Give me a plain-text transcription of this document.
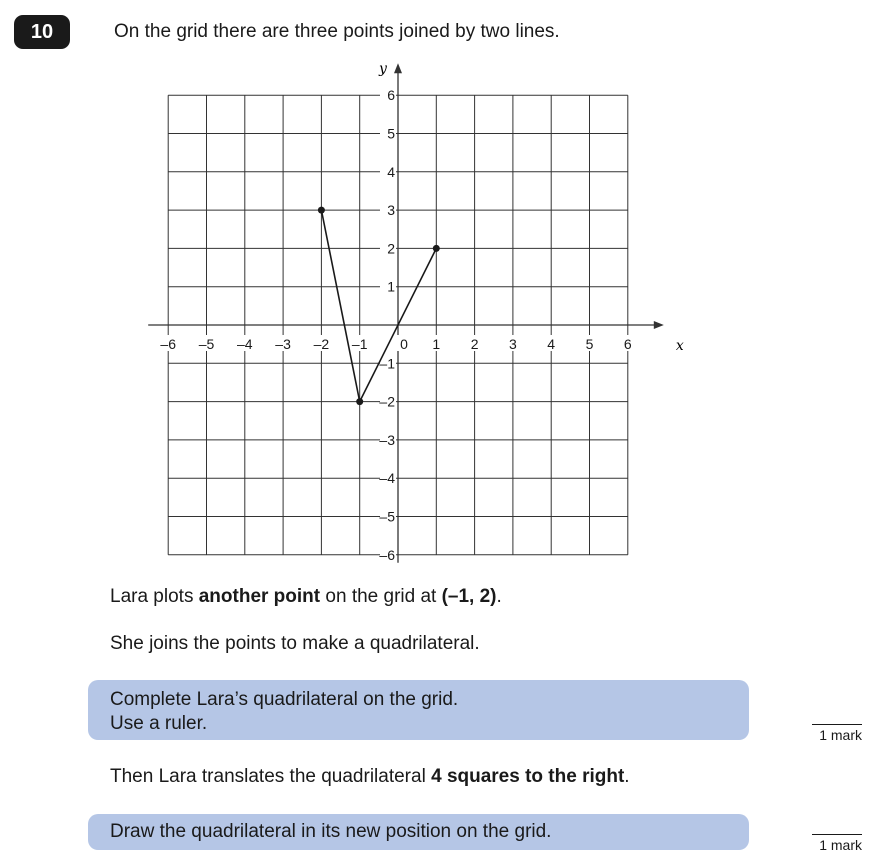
10	On the grid there are three points joined by two lines.
x
y
–6 –5 –4 –3 –2 –1 0 1 2 3 4 5 6
6
5
4
3
2
1
–1
–2
–3
–4
–5
–6
Lara plots another point on the grid at (–1, 2).
She joins the points to make a quadrilateral.
Complete Lara’s quadrilateral on the grid.
Use a ruler.
1 mark
Then Lara translates the quadrilateral 4 squares to the right.
Draw the quadrilateral in its new position on the grid.
1 mark
